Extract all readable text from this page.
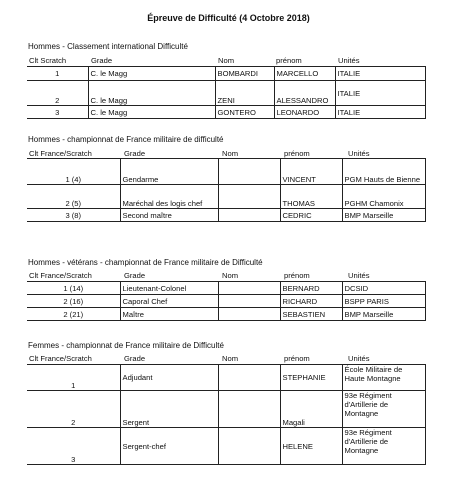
Épreuve de Difficulté (4 Octobre 2018)
Hommes - Classement international Difficulté
Clt Scratch	Grade	Nom	prénom	Unités
1	C. le Magg	BOMBARDI	MARCELLO	ITALIE
2	C. le Magg	ZENI	ALESSANDRO	ITALIE
3	C. le Magg	GONTERO	LEONARDO	ITALIE
Hommes - championnat de France militaire de difficulté
Clt France/Scratch	Grade	Nom	prénom	Unités
1 (4)	Gendarme		VINCENT	PGM Hauts de Bienne
2 (5)	Maréchal des logis chef		THOMAS	PGHM Chamonix
3 (8)	Second maître		CEDRIC	BMP Marseille
Hommes - vétérans - championnat de France militaire de Difficulté
Clt France/Scratch	Grade	Nom	prénom	Unités
1 (14)	Lieutenant-Colonel		BERNARD	DCSID
2 (16)	Caporal Chef		RICHARD	BSPP PARIS
2 (21)	Maître		SEBASTIEN	BMP Marseille
Femmes - championnat de France militaire de Difficulté
Clt France/Scratch	Grade	Nom	prénom	Unités
1	Adjudant		STEPHANIE	École Militaire de Haute Montagne
2	Sergent		Magali	93e Régiment d'Artillerie de Montagne
3	Sergent-chef		HELENE	93e Régiment d'Artillerie de Montagne
